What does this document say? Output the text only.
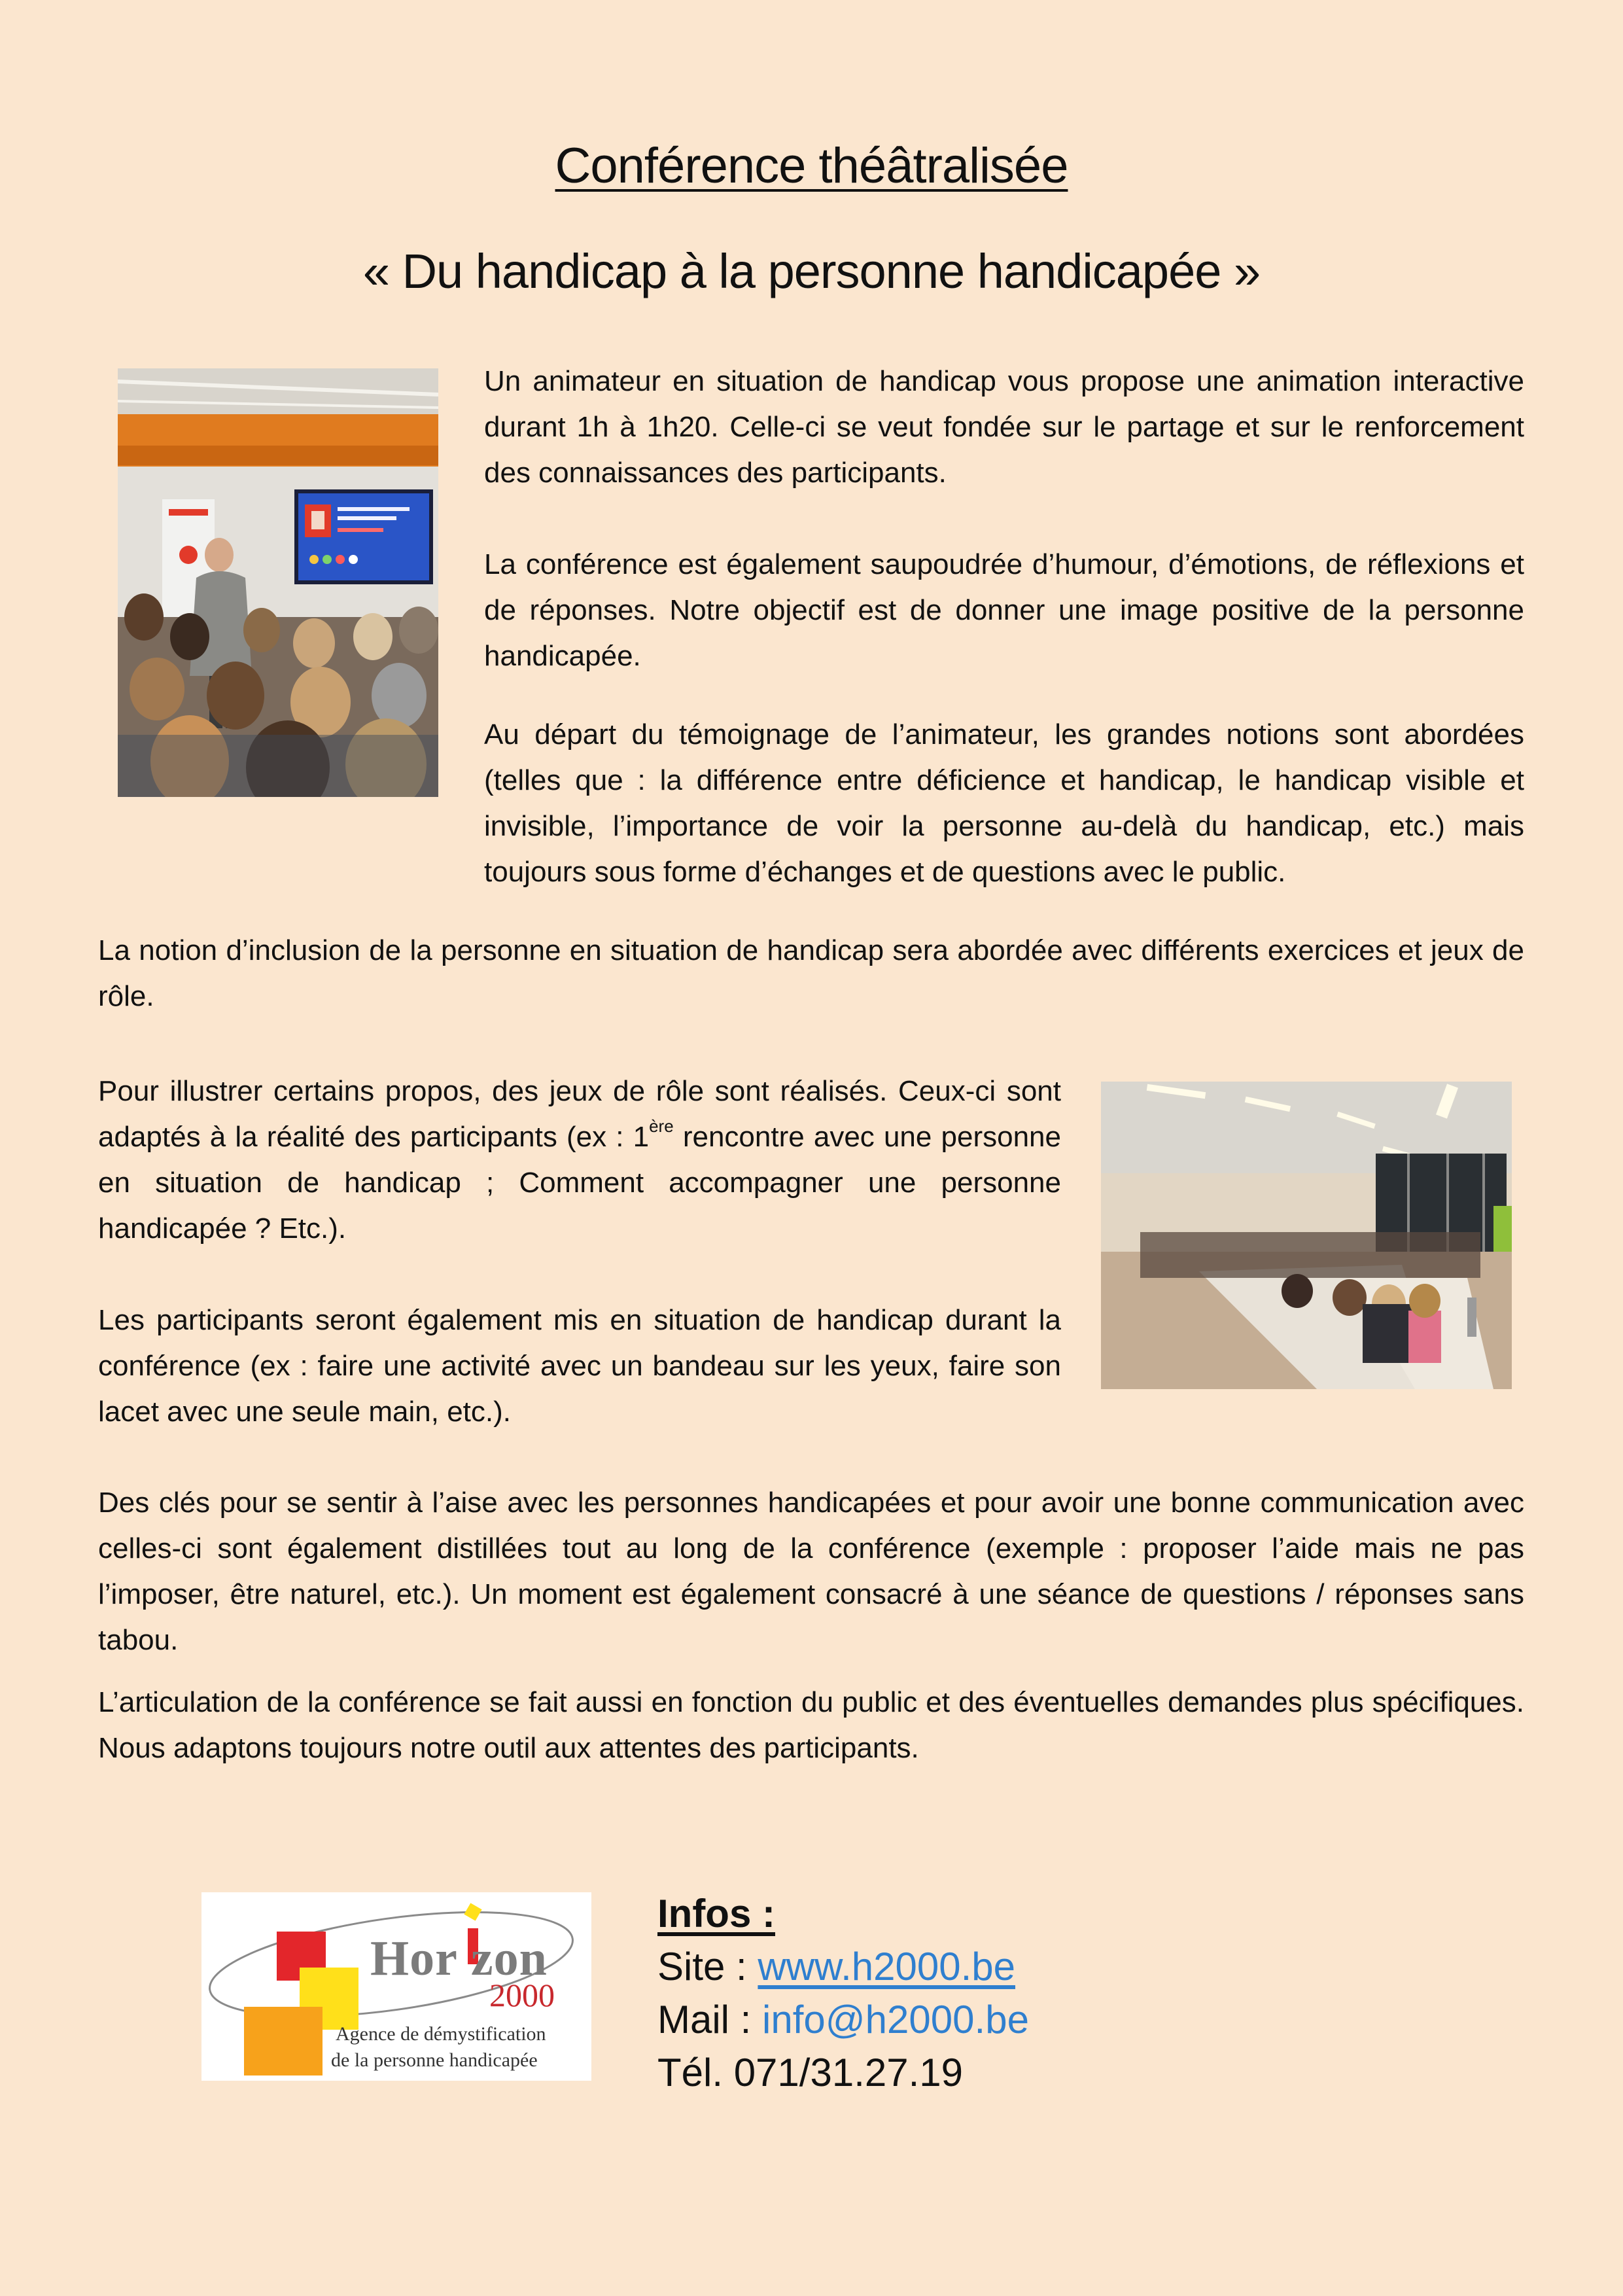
Conférence théâtralisée
« Du handicap à la personne handicapée »

Un animateur en situation de handicap vous propose une animation interactive durant 1h à 1h20. Celle-ci se veut fondée sur le partage et sur le renforcement des connaissances des participants.

La conférence est également saupoudrée d’humour, d’émotions, de réflexions et de réponses. Notre objectif est de donner une image positive de la personne handicapée.

Au départ du témoignage de l’animateur, les grandes notions sont abordées (telles que : la différence entre déficience et handicap, le handicap visible et invisible, l’importance de voir la personne au-delà du handicap, etc.) mais toujours sous forme d’échanges et de questions avec le public.

La notion d’inclusion de la personne en situation de handicap sera abordée avec différents exercices et jeux de rôle.

Pour illustrer certains propos, des jeux de rôle sont réalisés. Ceux-ci sont adaptés à la réalité des participants (ex : 1ère rencontre avec une personne en situation de handicap ; Comment accompagner une personne handicapée ? Etc.).

Les participants seront également mis en situation de handicap durant la conférence (ex : faire une activité avec un bandeau sur les yeux, faire son lacet avec une seule main, etc.).

Des clés pour se sentir à l’aise avec les personnes handicapées et pour avoir une bonne communication avec celles-ci sont également distillées tout au long de la conférence (exemple : proposer l’aide mais ne pas l’imposer, être naturel, etc.). Un moment est également consacré à une séance de questions / réponses sans tabou.

L’articulation de la conférence se fait aussi en fonction du public et des éventuelles demandes plus spécifiques. Nous adaptons toujours notre outil aux attentes des participants.

Hor zon
2000
Agence de démystification
de la personne handicapée
Infos :
Site : www.h2000.be
Mail : info@h2000.be
Tél. 071/31.27.19
